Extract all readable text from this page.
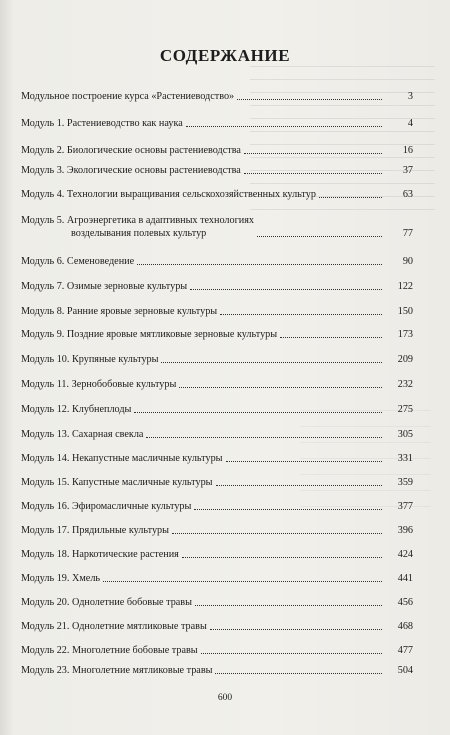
СОДЕРЖАНИЕ
Модульное построение курса «Растениеводство»	3
Модуль 1. Растениеводство как наука	4
Модуль 2. Биологические основы растениеводства	16
Модуль 3. Экологические основы растениеводства	37
Модуль 4. Технологии выращивания сельскохозяйственных культур	63
Модуль 5. Агроэнергетика в адаптивных технологиях
возделывания полевых культур	77
Модуль 6. Семеноведение	90
Модуль 7. Озимые зерновые культуры	122
Модуль 8. Ранние яровые зерновые культуры	150
Модуль 9. Поздние яровые мятликовые зерновые культуры	173
Модуль 10. Крупяные культуры	209
Модуль 11. Зернобобовые культуры	232
Модуль 12. Клубнеплоды	275
Модуль 13. Сахарная свекла	305
Модуль 14. Некапустные масличные культуры	331
Модуль 15. Капустные масличные культуры	359
Модуль 16. Эфиромасличные культуры	377
Модуль 17. Прядильные культуры	396
Модуль 18. Наркотические растения	424
Модуль 19. Хмель	441
Модуль 20. Однолетние бобовые травы	456
Модуль 21. Однолетние мятликовые травы	468
Модуль 22. Многолетние бобовые травы	477
Модуль 23. Многолетние мятликовые травы	504
600
